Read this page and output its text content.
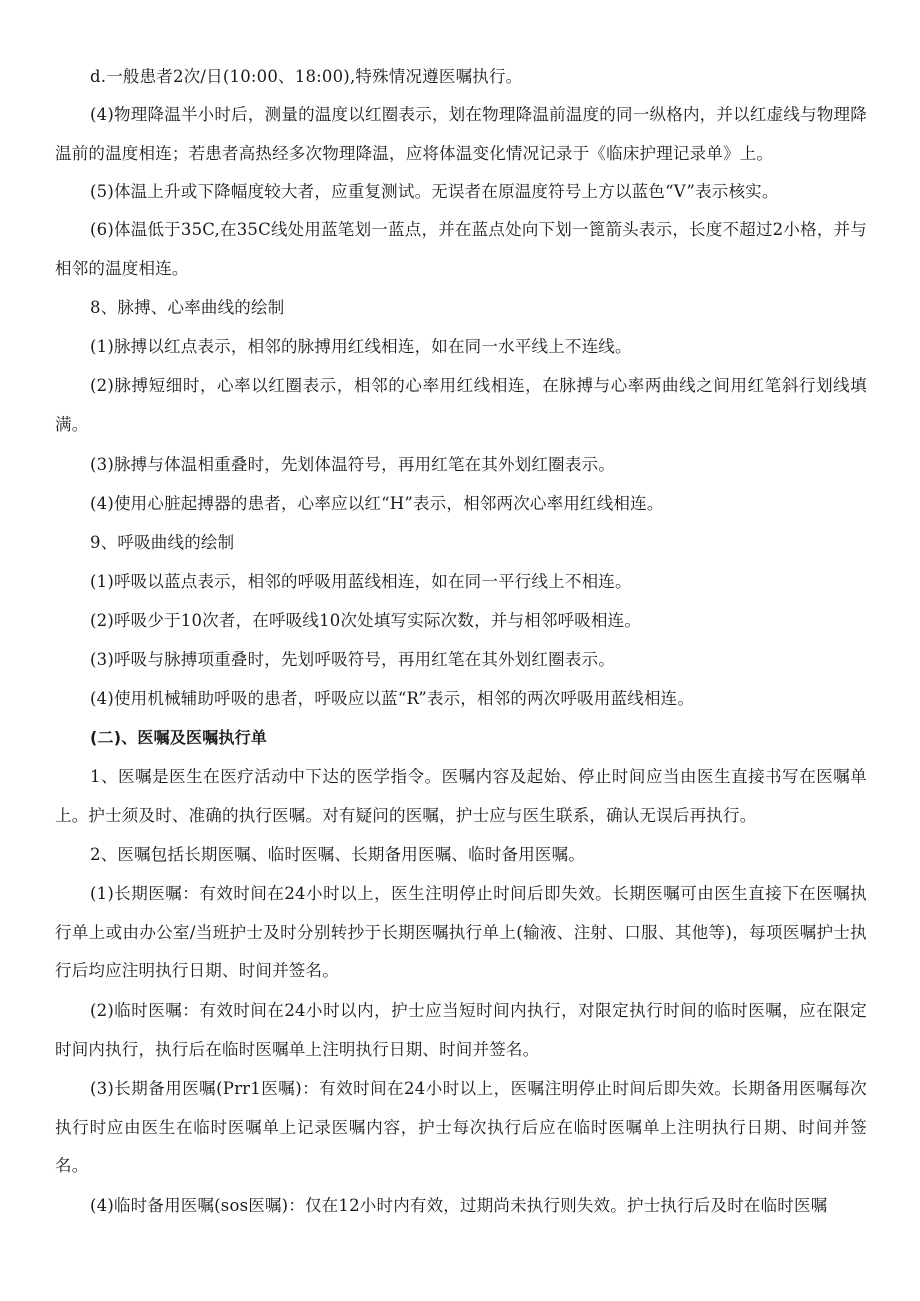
d.一般患者2次/日(10:00、18:00),特殊情况遵医嘱执行。

(4)物理降温半小时后，测量的温度以红圈表示，划在物理降温前温度的同一纵格内，并以红虚线与物理降温前的温度相连；若患者高热经多次物理降温，应将体温变化情况记录于《临床护理记录单》上。

(5)体温上升或下降幅度较大者，应重复测试。无误者在原温度符号上方以蓝色“V”表示核实。

(6)体温低于35C,在35C线处用蓝笔划一蓝点，并在蓝点处向下划一篦箭头表示，长度不超过2小格，并与相邻的温度相连。

8、脉搏、心率曲线的绘制

(1)脉搏以红点表示，相邻的脉搏用红线相连，如在同一水平线上不连线。

(2)脉搏短细时，心率以红圈表示，相邻的心率用红线相连，在脉搏与心率两曲线之间用红笔斜行划线填满。

(3)脉搏与体温相重叠时，先划体温符号，再用红笔在其外划红圈表示。

(4)使用心脏起搏器的患者，心率应以红“H”表示，相邻两次心率用红线相连。

9、呼吸曲线的绘制

(1)呼吸以蓝点表示，相邻的呼吸用蓝线相连，如在同一平行线上不相连。

(2)呼吸少于10次者，在呼吸线10次处填写实际次数，并与相邻呼吸相连。

(3)呼吸与脉搏项重叠时，先划呼吸符号，再用红笔在其外划红圈表示。

(4)使用机械辅助呼吸的患者，呼吸应以蓝“R”表示，相邻的两次呼吸用蓝线相连。

(二)、医嘱及医嘱执行单

1、医嘱是医生在医疗活动中下达的医学指令。医嘱内容及起始、停止时间应当由医生直接书写在医嘱单上。护士须及时、准确的执行医嘱。对有疑问的医嘱，护士应与医生联系，确认无误后再执行。

2、医嘱包括长期医嘱、临时医嘱、长期备用医嘱、临时备用医嘱。

(1)长期医嘱：有效时间在24小时以上，医生注明停止时间后即失效。长期医嘱可由医生直接下在医嘱执行单上或由办公室/当班护士及时分别转抄于长期医嘱执行单上(输液、注射、口服、其他等)，每项医嘱护士执行后均应注明执行日期、时间并签名。

(2)临时医嘱：有效时间在24小时以内，护士应当短时间内执行，对限定执行时间的临时医嘱，应在限定时间内执行，执行后在临时医嘱单上注明执行日期、时间并签名。

(3)长期备用医嘱(Prr1医嘱)：有效时间在24小时以上，医嘱注明停止时间后即失效。长期备用医嘱每次执行时应由医生在临时医嘱单上记录医嘱内容，护士每次执行后应在临时医嘱单上注明执行日期、时间并签名。

(4)临时备用医嘱(sos医嘱)：仅在12小时内有效，过期尚未执行则失效。护士执行后及时在临时医嘱
